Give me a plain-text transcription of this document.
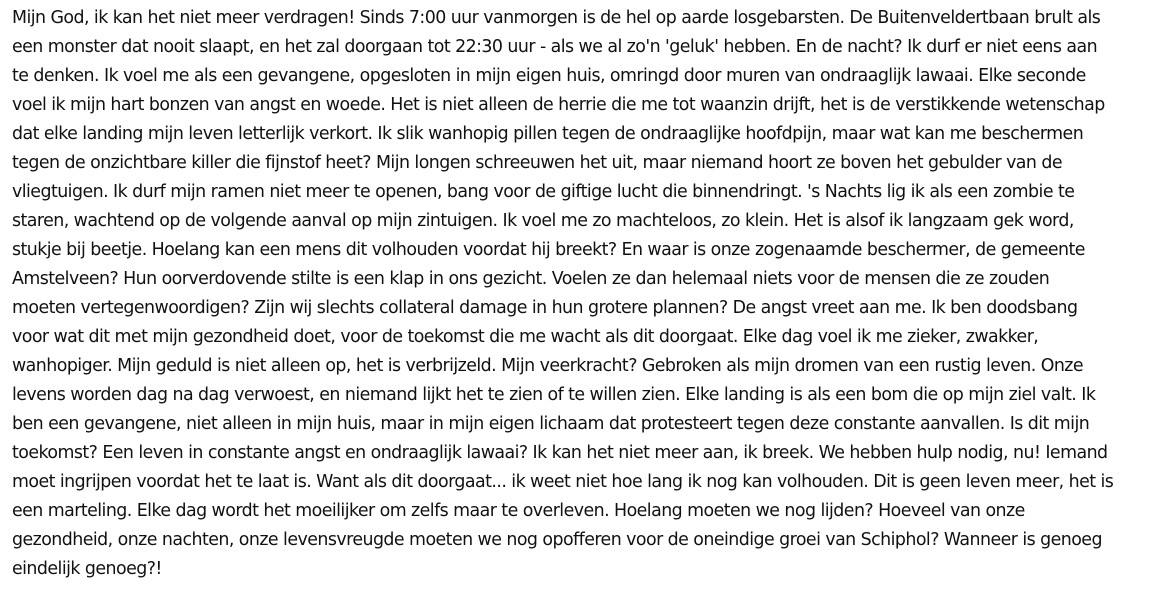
Mijn God, ik kan het niet meer verdragen! Sinds 7:00 uur vanmorgen is de hel op aarde losgebarsten. De Buitenveldertbaan brult als
een monster dat nooit slaapt, en het zal doorgaan tot 22:30 uur - als we al zo'n 'geluk' hebben. En de nacht? Ik durf er niet eens aan
te denken. Ik voel me als een gevangene, opgesloten in mijn eigen huis, omringd door muren van ondraaglijk lawaai. Elke seconde
voel ik mijn hart bonzen van angst en woede. Het is niet alleen de herrie die me tot waanzin drijft, het is de verstikkende wetenschap
dat elke landing mijn leven letterlijk verkort. Ik slik wanhopig pillen tegen de ondraaglijke hoofdpijn, maar wat kan me beschermen
tegen de onzichtbare killer die fijnstof heet? Mijn longen schreeuwen het uit, maar niemand hoort ze boven het gebulder van de
vliegtuigen. Ik durf mijn ramen niet meer te openen, bang voor de giftige lucht die binnendringt. 's Nachts lig ik als een zombie te
staren, wachtend op de volgende aanval op mijn zintuigen. Ik voel me zo machteloos, zo klein. Het is alsof ik langzaam gek word,
stukje bij beetje. Hoelang kan een mens dit volhouden voordat hij breekt? En waar is onze zogenaamde beschermer, de gemeente
Amstelveen? Hun oorverdovende stilte is een klap in ons gezicht. Voelen ze dan helemaal niets voor de mensen die ze zouden
moeten vertegenwoordigen? Zijn wij slechts collateral damage in hun grotere plannen? De angst vreet aan me. Ik ben doodsbang
voor wat dit met mijn gezondheid doet, voor de toekomst die me wacht als dit doorgaat. Elke dag voel ik me zieker, zwakker,
wanhopiger. Mijn geduld is niet alleen op, het is verbrijzeld. Mijn veerkracht? Gebroken als mijn dromen van een rustig leven. Onze
levens worden dag na dag verwoest, en niemand lijkt het te zien of te willen zien. Elke landing is als een bom die op mijn ziel valt. Ik
ben een gevangene, niet alleen in mijn huis, maar in mijn eigen lichaam dat protesteert tegen deze constante aanvallen. Is dit mijn
toekomst? Een leven in constante angst en ondraaglijk lawaai? Ik kan het niet meer aan, ik breek. We hebben hulp nodig, nu! Iemand
moet ingrijpen voordat het te laat is. Want als dit doorgaat... ik weet niet hoe lang ik nog kan volhouden. Dit is geen leven meer, het is
een marteling. Elke dag wordt het moeilijker om zelfs maar te overleven. Hoelang moeten we nog lijden? Hoeveel van onze
gezondheid, onze nachten, onze levensvreugde moeten we nog opofferen voor de oneindige groei van Schiphol? Wanneer is genoeg
eindelijk genoeg?!
